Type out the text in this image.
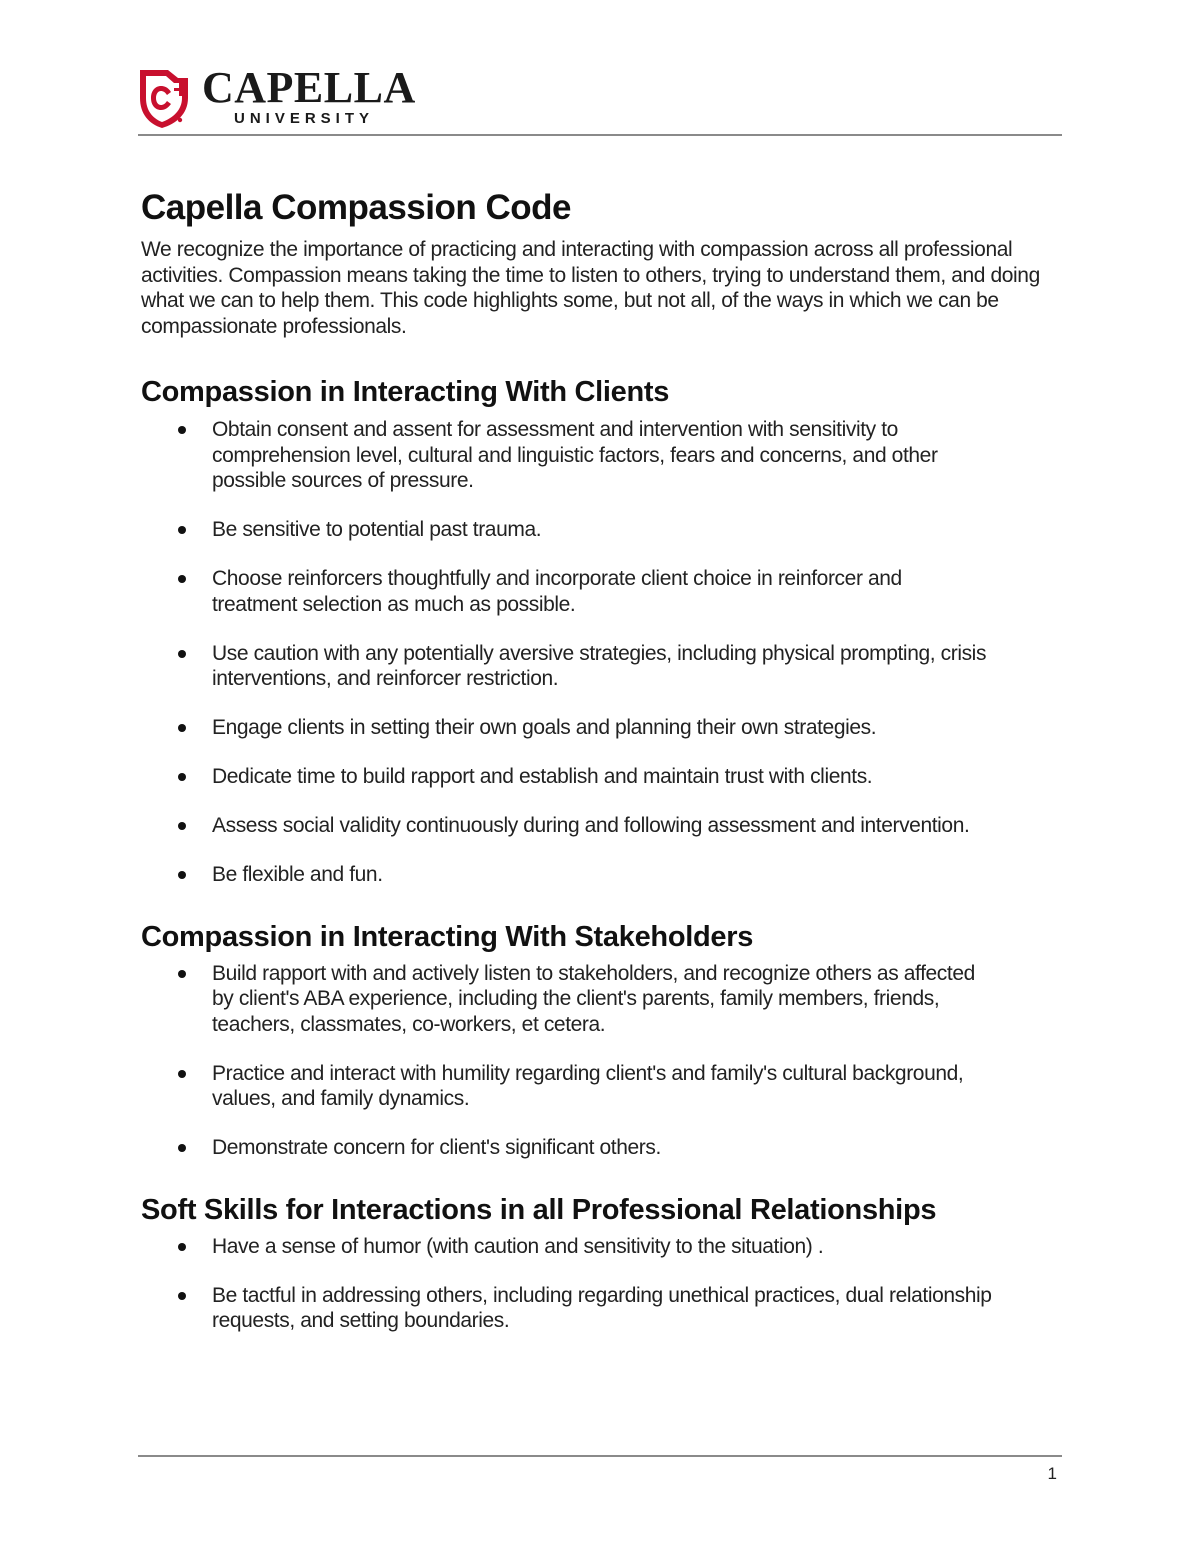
CAPELLA
UNIVERSITY
Capella Compassion Code

We recognize the importance of practicing and interacting with compassion across all professional activities. Compassion means taking the time to listen to others, trying to understand them, and doing what we can to help them. This code highlights some, but not all, of the ways in which we can be compassionate professionals.

Compassion in Interacting With Clients
Obtain consent and assent for assessment and intervention with sensitivity to comprehension level, cultural and linguistic factors, fears and concerns, and other possible sources of pressure.
Be sensitive to potential past trauma.
Choose reinforcers thoughtfully and incorporate client choice in reinforcer and treatment selection as much as possible.
Use caution with any potentially aversive strategies, including physical prompting, crisis interventions, and reinforcer restriction.
Engage clients in setting their own goals and planning their own strategies.
Dedicate time to build rapport and establish and maintain trust with clients.
Assess social validity continuously during and following assessment and intervention.
Be flexible and fun.
Compassion in Interacting With Stakeholders
Build rapport with and actively listen to stakeholders, and recognize others as affected by client's ABA experience, including the client's parents, family members, friends, teachers, classmates, co-workers, et cetera.
Practice and interact with humility regarding client's and family's cultural background, values, and family dynamics.
Demonstrate concern for client's significant others.
Soft Skills for Interactions in all Professional Relationships
Have a sense of humor (with caution and sensitivity to the situation) .
Be tactful in addressing others, including regarding unethical practices, dual relationship requests, and setting boundaries.
1
